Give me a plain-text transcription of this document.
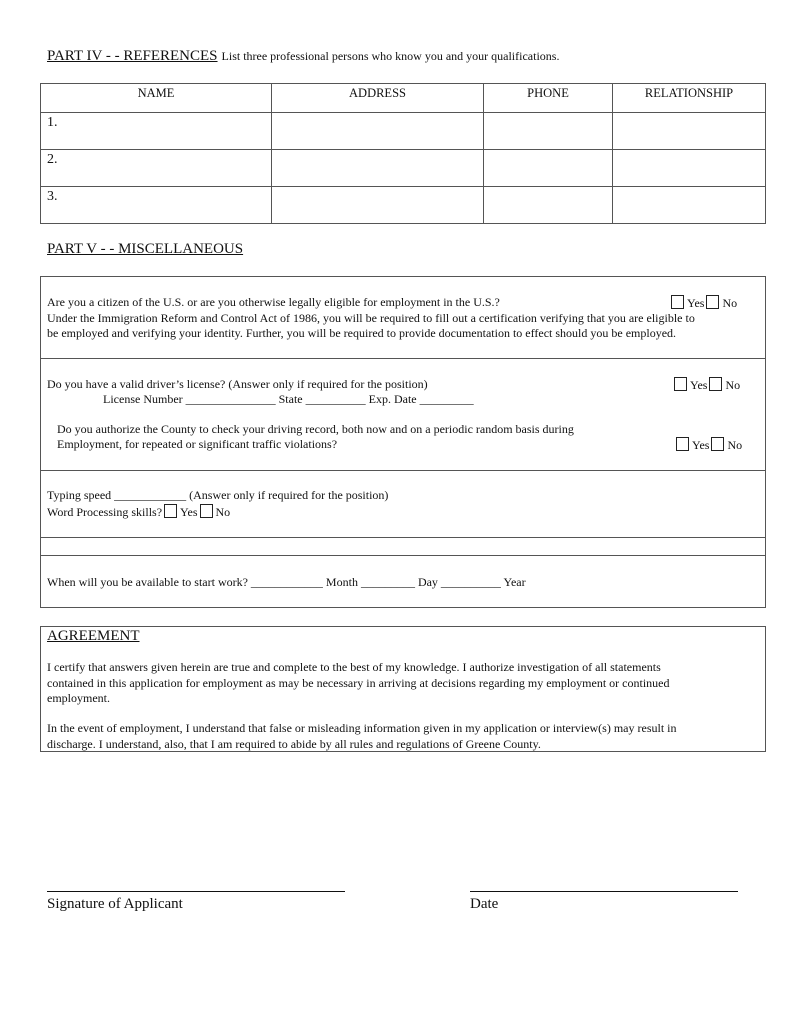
PART IV - - REFERENCES List three professional persons who know you and your qualifications.
NAME	ADDRESS	PHONE	RELATIONSHIP
1.			
2.			
3.			
PART V - - MISCELLANEOUS
Are you a citizen of the U.S. or are you otherwise legally eligible for employment in the U.S.?	Yes No
Under the Immigration Reform and Control Act of 1986, you will be required to fill out a certification verifying that you are eligible to
be employed and verifying your identity. Further, you will be required to provide documentation to effect should you be employed.
Do you have a valid driver’s license? (Answer only if required for the position)	Yes No
License Number _______________ State __________ Exp. Date _________
Do you authorize the County to check your driving record, both now and on a periodic random basis during
Employment, for repeated or significant traffic violations?	Yes No
Typing speed ____________ (Answer only if required for the position)
Word Processing skills? Yes No
When will you be available to start work? ____________ Month _________ Day __________ Year
AGREEMENT
I certify that answers given herein are true and complete to the best of my knowledge. I authorize investigation of all statements
contained in this application for employment as may be necessary in arriving at decisions regarding my employment or continued
employment.
In the event of employment, I understand that false or misleading information given in my application or interview(s) may result in
discharge. I understand, also, that I am required to abide by all rules and regulations of Greene County.
Signature of Applicant	Date
